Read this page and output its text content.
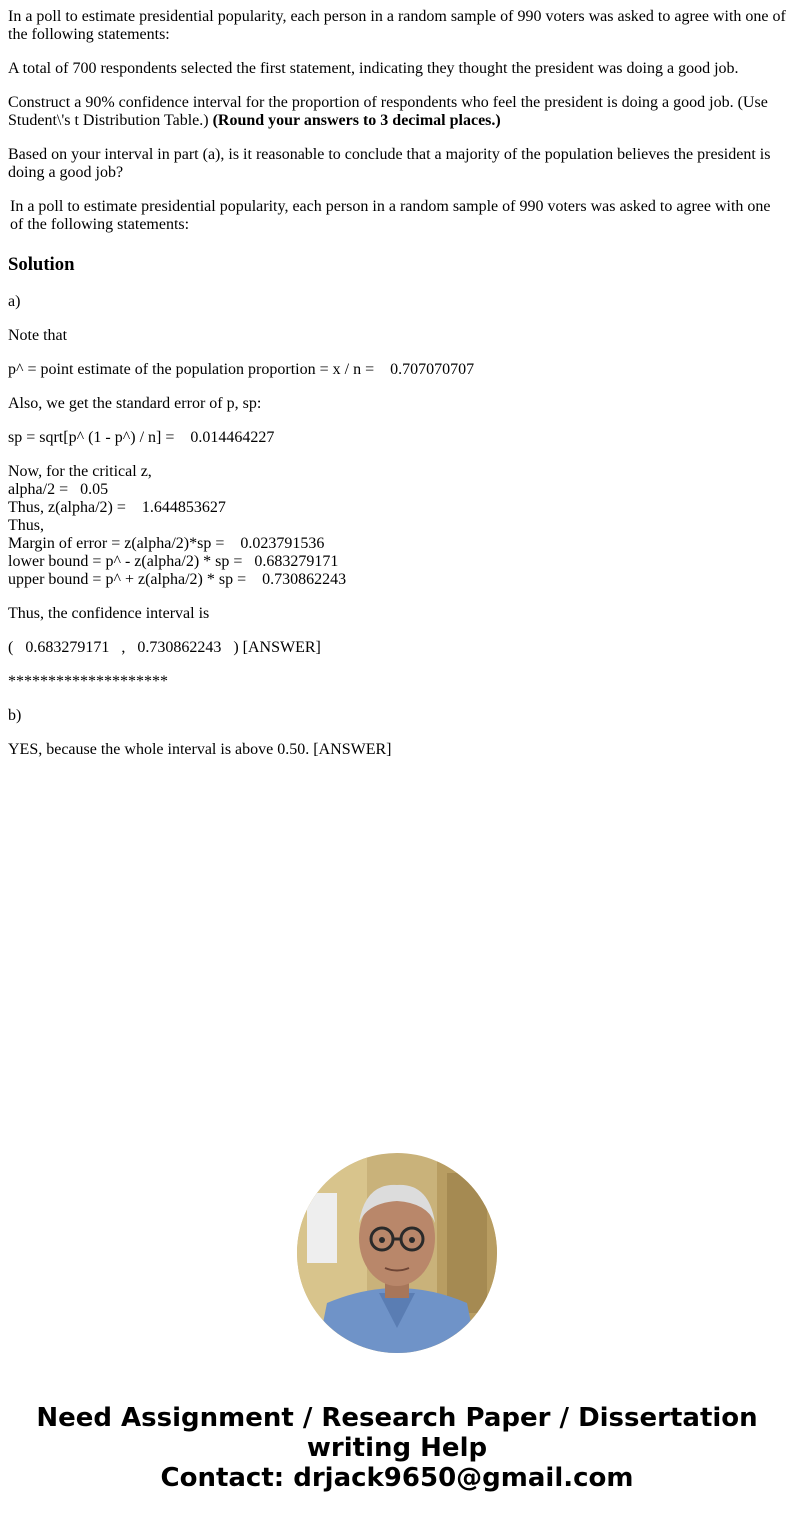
In a poll to estimate presidential popularity, each person in a random sample of 990 voters was asked to agree with one of the following statements:

A total of 700 respondents selected the first statement, indicating they thought the president was doing a good job.

Construct a 90% confidence interval for the proportion of respondents who feel the president is doing a good job. (Use Student\'s t Distribution Table.) (Round your answers to 3 decimal places.)

Based on your interval in part (a), is it reasonable to conclude that a majority of the population believes the president is doing a good job?

In a poll to estimate presidential popularity, each person in a random sample of 990 voters was asked to agree with one of the following statements:
Solution

a)

Note that

p^ = point estimate of the population proportion = x / n =    0.707070707

Also, we get the standard error of p, sp:

sp = sqrt[p^ (1 - p^) / n] =    0.014464227

Now, for the critical z,
alpha/2 =   0.05
Thus, z(alpha/2) =    1.644853627
Thus,
Margin of error = z(alpha/2)*sp =    0.023791536
lower bound = p^ - z(alpha/2) * sp =   0.683279171
upper bound = p^ + z(alpha/2) * sp =    0.730862243

Thus, the confidence interval is

(   0.683279171   ,   0.730862243   ) [ANSWER]

********************

b)

YES, because the whole interval is above 0.50. [ANSWER]

Need Assignment / Research Paper / Dissertation
writing Help
Contact: drjack9650@gmail.com
